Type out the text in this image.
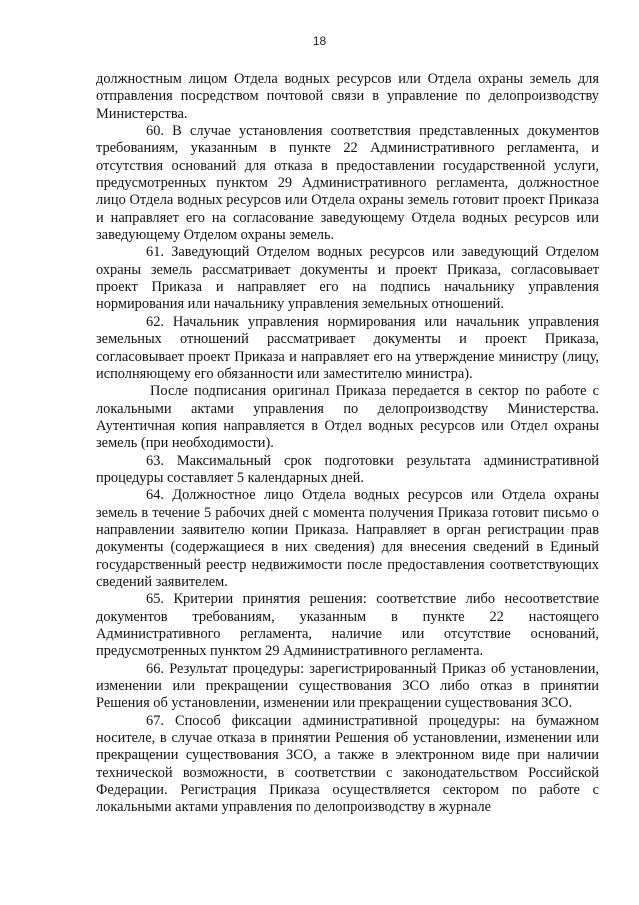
18

должностным лицом Отдела водных ресурсов или Отдела охраны земель для отправления посредством почтовой связи в управление по делопроизводству Министерства.

60. В случае установления соответствия представленных документов требованиям, указанным в пункте 22 Административного регламента, и отсутствия оснований для отказа в предоставлении государственной услуги, предусмотренных пунктом 29 Административного регламента, должностное лицо Отдела водных ресурсов или Отдела охраны земель готовит проект Приказа и направляет его на согласование заведующему Отдела водных ресурсов или заведующему Отделом охраны земель.

61. Заведующий Отделом водных ресурсов или заведующий Отделом охраны земель рассматривает документы и проект Приказа, согласовывает проект Приказа и направляет его на подпись начальнику управления нормирования или начальнику управления земельных отношений.

62. Начальник управления нормирования или начальник управления земельных отношений рассматривает документы и проект Приказа, согласовывает проект Приказа и направляет его на утверждение министру (лицу, исполняющему его обязанности или заместителю министра).

После подписания оригинал Приказа передается в сектор по работе с локальными актами управления по делопроизводству Министерства. Аутентичная копия направляется в Отдел водных ресурсов или Отдел охраны земель (при необходимости).

63. Максимальный срок подготовки результата административной процедуры составляет 5 календарных дней.

64. Должностное лицо Отдела водных ресурсов или Отдела охраны земель в течение 5 рабочих дней с момента получения Приказа готовит письмо о направлении заявителю копии Приказа. Направляет в орган регистрации прав документы (содержащиеся в них сведения) для внесения сведений в Единый государственный реестр недвижимости после предоставления соответствующих сведений заявителем.

65. Критерии принятия решения: соответствие либо несоответствие документов требованиям, указанным в пункте 22 настоящего Административного регламента, наличие или отсутствие оснований, предусмотренных пунктом 29 Административного регламента.

66. Результат процедуры: зарегистрированный Приказ об установлении, изменении или прекращении существования ЗСО либо отказ в принятии Решения об установлении, изменении или прекращении существования ЗСО.

67. Способ фиксации административной процедуры: на бумажном носителе, в случае отказа в принятии Решения об установлении, изменении или прекращении существования ЗСО, а также в электронном виде при наличии технической возможности, в соответствии с законодательством Российской Федерации. Регистрация Приказа осуществляется сектором по работе с локальными актами управления по делопроизводству в журнале
